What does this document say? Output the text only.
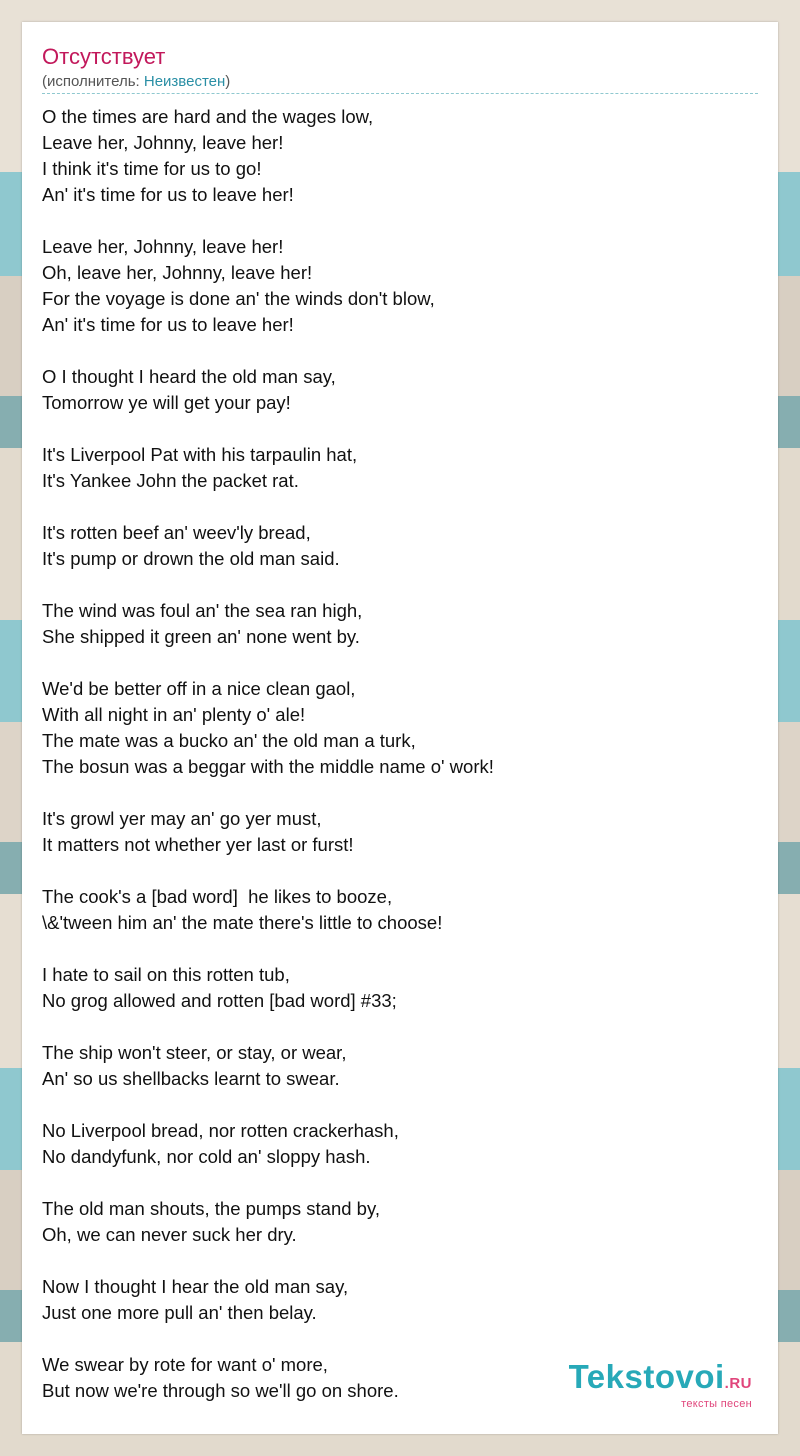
Отсутствует
(исполнитель: Неизвестен)
O the times are hard and the wages low,
Leave her, Johnny, leave her!
I think it's time for us to go!
An' it's time for us to leave her!
Leave her, Johnny, leave her!
Oh, leave her, Johnny, leave her!
For the voyage is done an' the winds don't blow,
An' it's time for us to leave her!
O I thought I heard the old man say,
Tomorrow ye will get your pay!
It's Liverpool Pat with his tarpaulin hat,
It's Yankee John the packet rat.
It's rotten beef an' weev'ly bread,
It's pump or drown the old man said.
The wind was foul an' the sea ran high,
She shipped it green an' none went by.
We'd be better off in a nice clean gaol,
With all night in an' plenty o' ale!
The mate was a bucko an' the old man a turk,
The bosun was a beggar with the middle name o' work!
It's growl yer may an' go yer must,
It matters not whether yer last or furst!
The cook's a [bad word]  he likes to booze,
\&'tween him an' the mate there's little to choose!
I hate to sail on this rotten tub,
No grog allowed and rotten [bad word] #33;
The ship won't steer, or stay, or wear,
An' so us shellbacks learnt to swear.
No Liverpool bread, nor rotten crackerhash,
No dandyfunk, nor cold an' sloppy hash.
The old man shouts, the pumps stand by,
Oh, we can never suck her dry.
Now I thought I hear the old man say,
Just one more pull an' then belay.
We swear by rote for want o' more,
But now we're through so we'll go on shore.	Tekstovoi.RU
тексты песен
